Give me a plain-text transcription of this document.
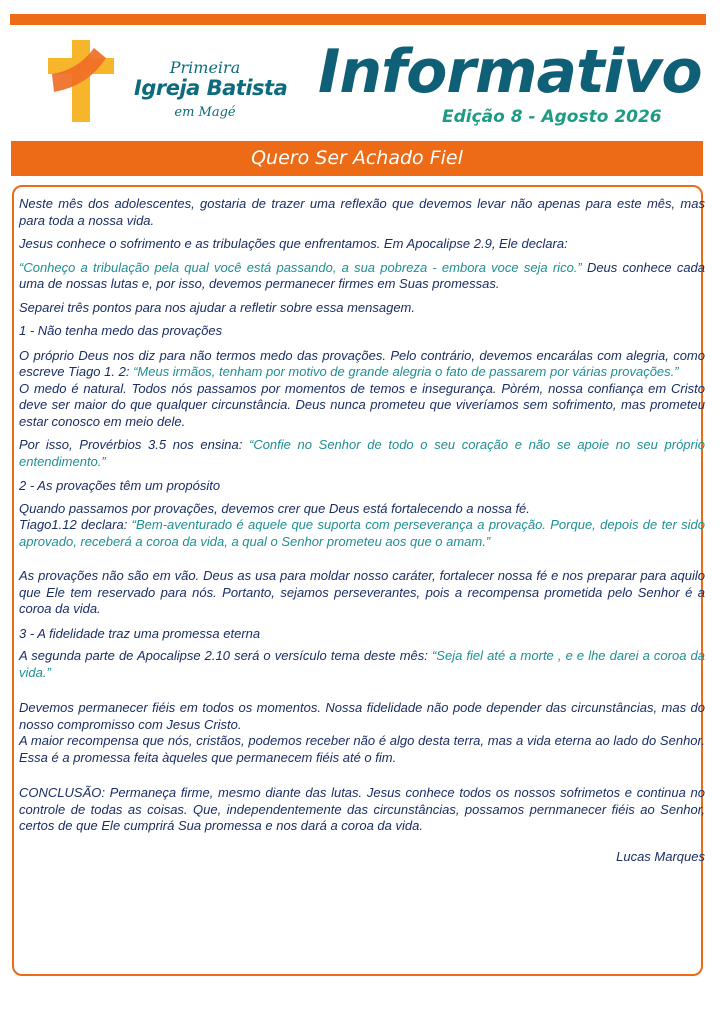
Primeira
Igreja Batista
em Magé
Informativo
Edição 8 - Agosto 2026
Quero Ser Achado Fiel

Neste mês dos adolescentes, gostaria de trazer uma reflexão que devemos levar não apenas para este mês, mas para toda a nossa vida.

Jesus conhece o sofrimento e as tribulações que enfrentamos. Em Apocalipse 2.9, Ele declara:

“Conheço a tribulação pela qual você está passando, a sua pobreza - embora voce seja rico.” Deus conhece cada uma de nossas lutas e, por isso, devemos permanecer firmes em Suas promessas.

Separei três pontos para nos ajudar a refletir sobre essa mensagem.

1 - Não tenha medo das provações

O próprio Deus nos diz para não termos medo das provações. Pelo contrário, devemos encarálas com alegria, como escreve Tiago 1. 2: “Meus irmãos, tenham por motivo de grande alegria o fato de passarem por várias provações.”

O medo é natural. Todos nós passamos por momentos de temos e insegurança. Pòrém, nossa confiança em Cristo deve ser maior do que qualquer circunstância. Deus nunca prometeu que viveríamos sem sofrimento, mas prometeu estar conosco em meio dele.

Por isso, Provérbios 3.5 nos ensina: “Confie no Senhor de todo o seu coração e não se apoie no seu próprio entendimento.”

2 - As provações têm um propósito

Quando passamos por provações, devemos crer que Deus está fortalecendo a nossa fé.

Tiago1.12 declara: “Bem-aventurado é aquele que suporta com perseverança a provação. Porque, depois de ter sido aprovado, receberá a coroa da vida, a qual o Senhor prometeu aos que o amam.”

As provações não são em vão. Deus as usa para moldar nosso caráter, fortalecer nossa fé e nos preparar para aquilo que Ele tem reservado para nós. Portanto, sejamos perseverantes, pois a recompensa prometida pelo Senhor é a coroa da vida.

3 - A fidelidade traz uma promessa eterna

A segunda parte de Apocalipse 2.10 será o versículo tema deste mês: “Seja fiel até a morte , e e lhe darei a coroa da vida.”

Devemos permanecer fiéis em todos os momentos. Nossa fidelidade não pode depender das circunstâncias, mas do nosso compromisso com Jesus Cristo.

A maior recompensa que nós, cristãos, podemos receber não é algo desta terra, mas a vida eterna ao lado do Senhor. Essa é a promessa feita àqueles que permanecem fiéis até o fim.

CONCLUSÃO: Permaneça firme, mesmo diante das lutas. Jesus conhece todos os nossos sofrimetos e continua no controle de todas as coisas. Que, independentemente das circunstâncias, possamos pernmanecer fiéis ao Senhor, certos de que Ele cumprirá Sua promessa e nos dará a coroa da vida.

Lucas Marques
